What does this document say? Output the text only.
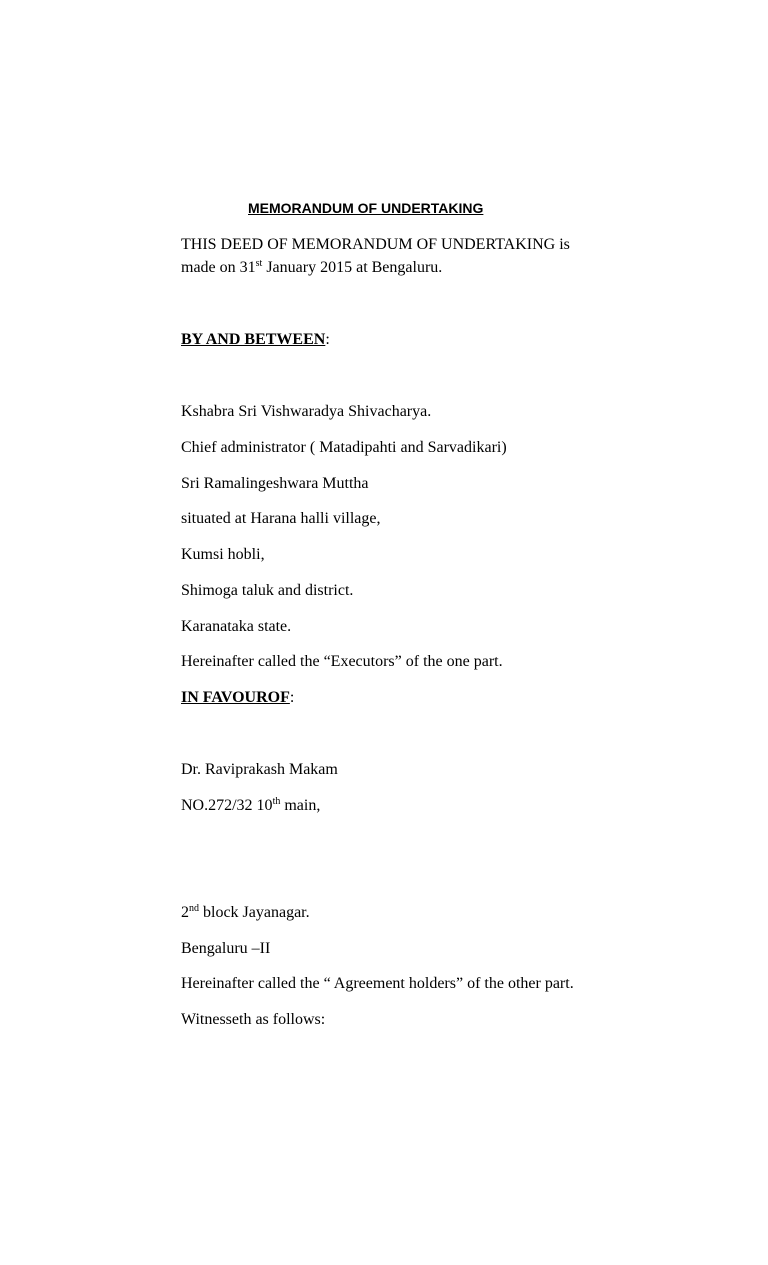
MEMORANDUM OF UNDERTAKING
THIS DEED OF MEMORANDUM OF UNDERTAKING is
made on 31st January 2015 at Bengaluru.
BY AND BETWEEN:
Kshabra Sri Vishwaradya Shivacharya.
Chief administrator ( Matadipahti and Sarvadikari)
Sri Ramalingeshwara Muttha
situated at Harana halli village,
Kumsi hobli,
Shimoga taluk and district.
Karanataka state.
Hereinafter called the “Executors” of the one part.
IN FAVOUROF:
Dr. Raviprakash Makam
NO.272/32 10th main,
2nd block Jayanagar.
Bengaluru –II
Hereinafter called the “ Agreement holders” of the other part.
Witnesseth as follows:
